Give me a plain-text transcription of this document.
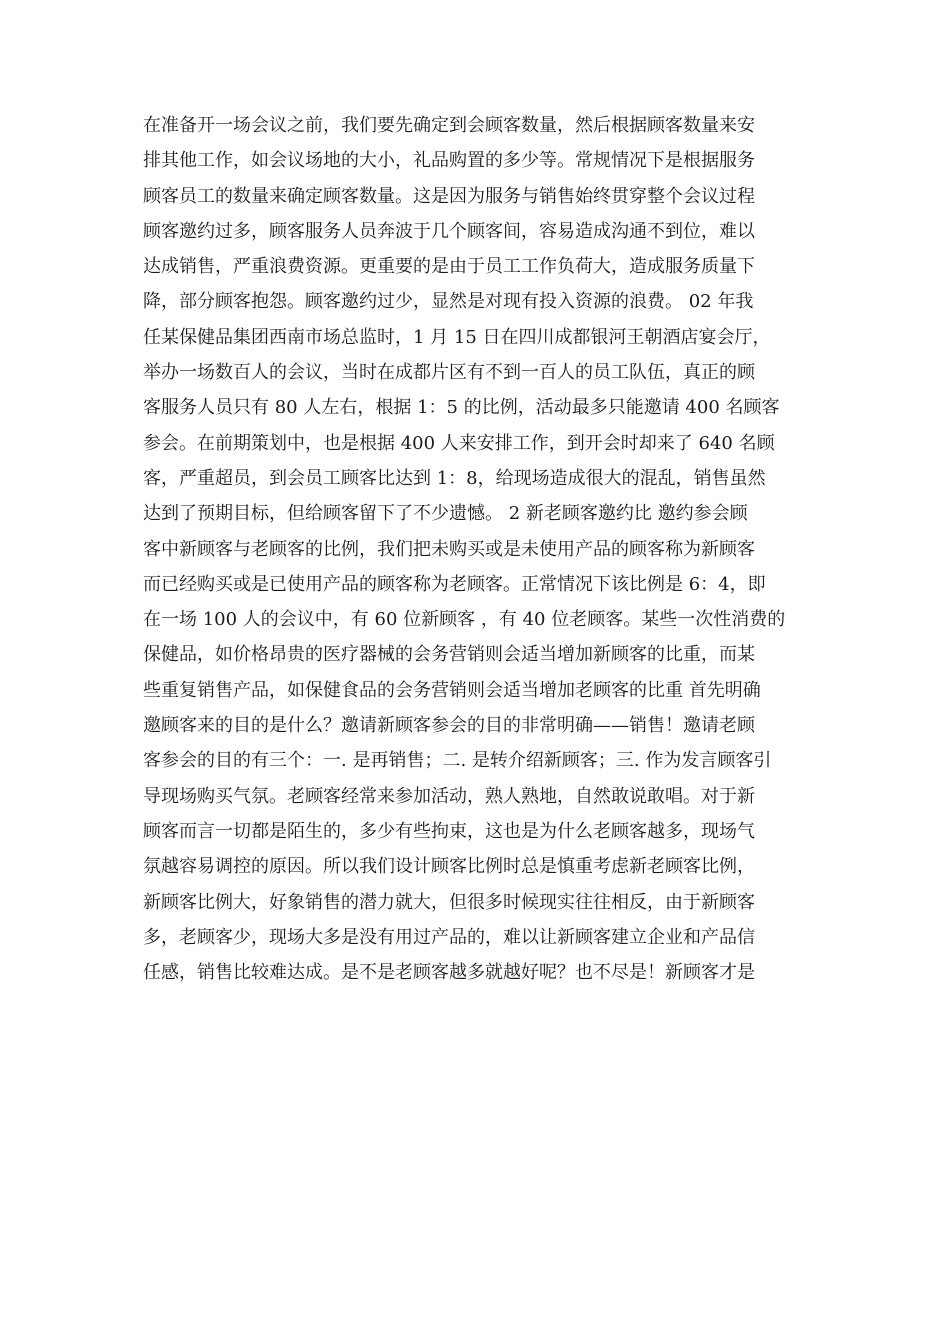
在准备开一场会议之前，我们要先确定到会顾客数量，然后根据顾客数量来安
排其他工作，如会议场地的大小，礼品购置的多少等。常规情况下是根据服务
顾客员工的数量来确定顾客数量。这是因为服务与销售始终贯穿整个会议过程
顾客邀约过多，顾客服务人员奔波于几个顾客间，容易造成沟通不到位，难以
达成销售，严重浪费资源。更重要的是由于员工工作负荷大，造成服务质量下
降，部分顾客抱怨。顾客邀约过少，显然是对现有投入资源的浪费。 02 年我
任某保健品集团西南市场总监时，1 月 15 日在四川成都银河王朝酒店宴会厅，
举办一场数百人的会议，当时在成都片区有不到一百人的员工队伍，真正的顾
客服务人员只有 80 人左右，根据 1：5 的比例，活动最多只能邀请 400 名顾客
参会。在前期策划中，也是根据 400 人来安排工作，到开会时却来了 640 名顾
客，严重超员，到会员工顾客比达到 1：8，给现场造成很大的混乱，销售虽然
达到了预期目标，但给顾客留下了不少遗憾。 2 新老顾客邀约比 邀约参会顾
客中新顾客与老顾客的比例，我们把未购买或是未使用产品的顾客称为新顾客
而已经购买或是已使用产品的顾客称为老顾客。正常情况下该比例是 6：4，即
在一场 100 人的会议中，有 60 位新顾客 ，有 40 位老顾客。某些一次性消费的
保健品，如价格昂贵的医疗器械的会务营销则会适当增加新顾客的比重，而某
些重复销售产品，如保健食品的会务营销则会适当增加老顾客的比重 首先明确
邀顾客来的目的是什么？邀请新顾客参会的目的非常明确——销售！邀请老顾
客参会的目的有三个：一. 是再销售；二. 是转介绍新顾客；三. 作为发言顾客引
导现场购买气氛。老顾客经常来参加活动，熟人熟地，自然敢说敢唱。对于新
顾客而言一切都是陌生的，多少有些拘束，这也是为什么老顾客越多，现场气
氛越容易调控的原因。所以我们设计顾客比例时总是慎重考虑新老顾客比例，
新顾客比例大，好象销售的潜力就大，但很多时候现实往往相反，由于新顾客
多，老顾客少，现场大多是没有用过产品的，难以让新顾客建立企业和产品信
任感，销售比较难达成。是不是老顾客越多就越好呢？也不尽是！新顾客才是
